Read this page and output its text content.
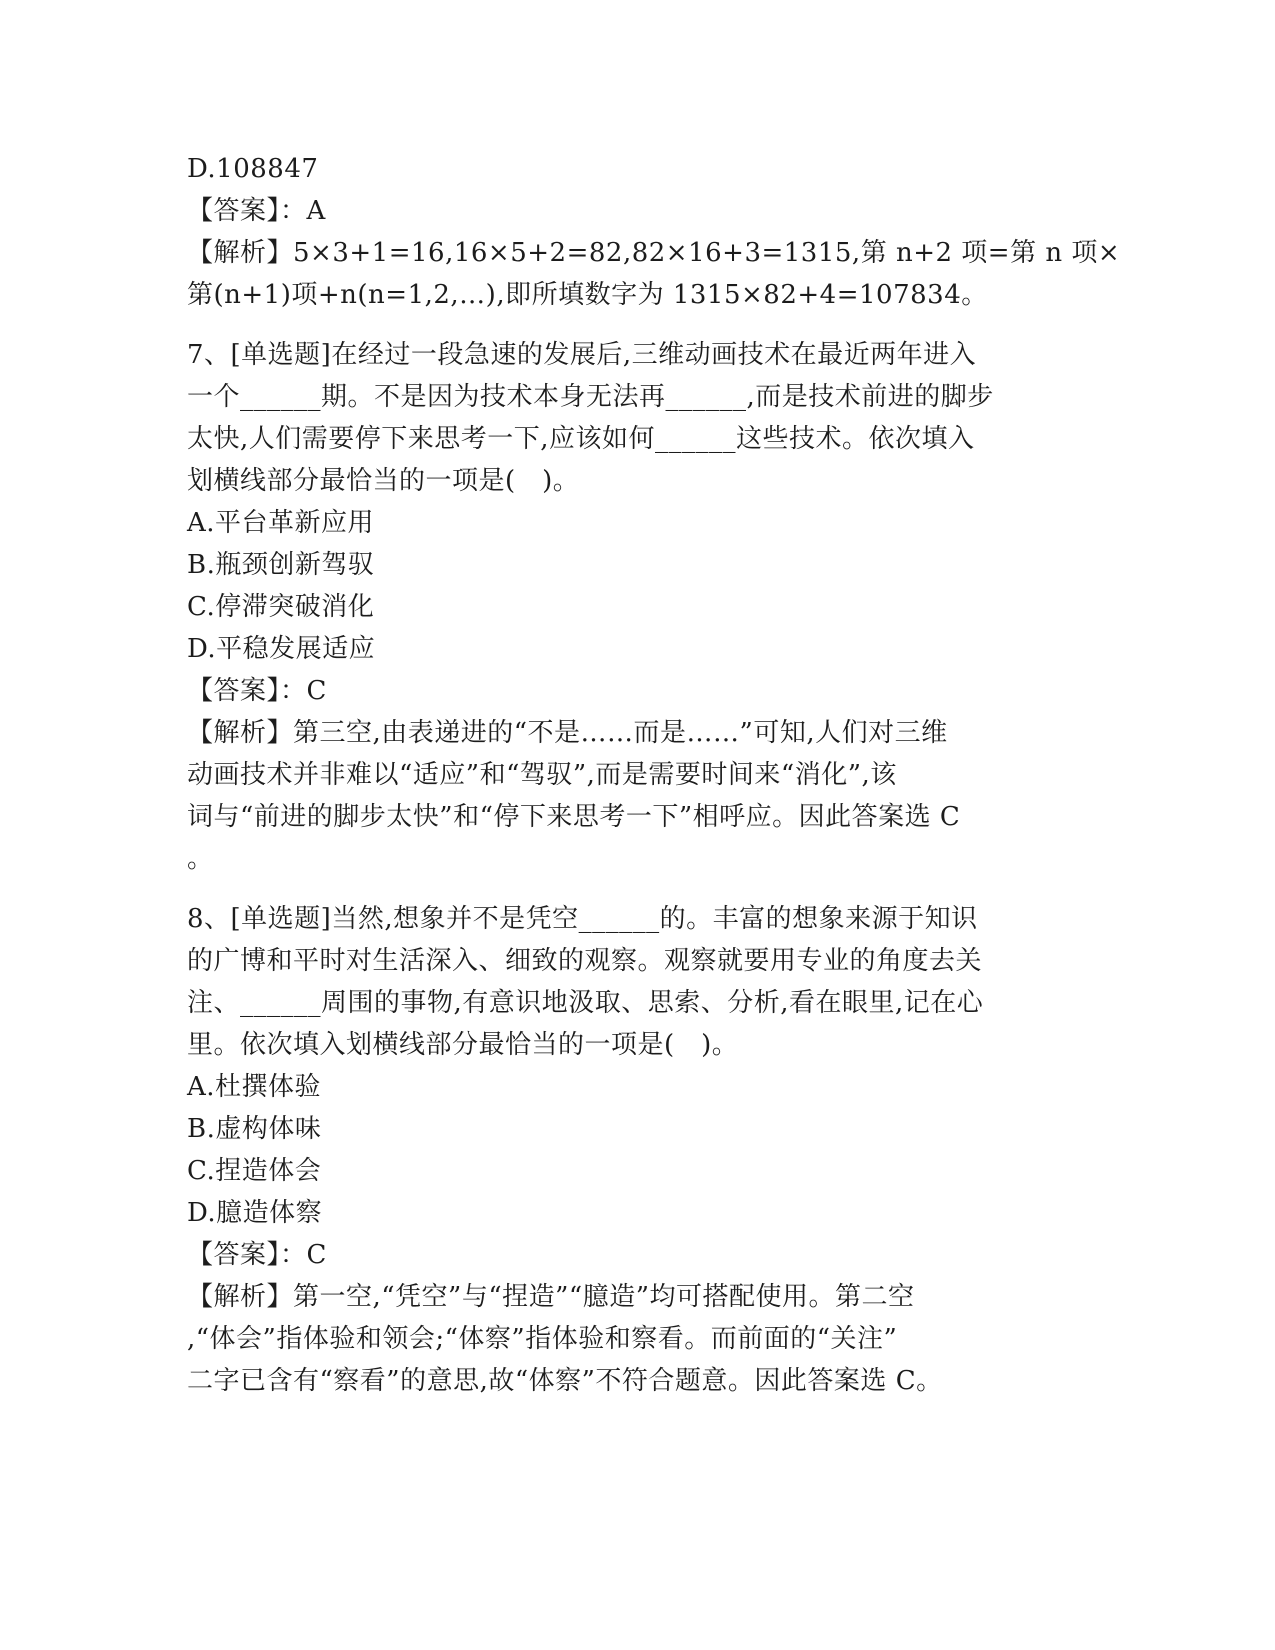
D.108847
【答案】：A
【解析】5×3+1=16,16×5+2=82,82×16+3=1315,第 n+2 项=第 n 项×
第(n+1)项+n(n=1,2,…),即所填数字为 1315×82+4=107834。
7、[单选题]在经过一段急速的发展后,三维动画技术在最近两年进入
一个______期。不是因为技术本身无法再______,而是技术前进的脚步
太快,人们需要停下来思考一下,应该如何______这些技术。依次填入
划横线部分最恰当的一项是(　)。
A.平台革新应用
B.瓶颈创新驾驭
C.停滞突破消化
D.平稳发展适应
【答案】：C
【解析】第三空,由表递进的“不是……而是……”可知,人们对三维
动画技术并非难以“适应”和“驾驭”,而是需要时间来“消化”,该
词与“前进的脚步太快”和“停下来思考一下”相呼应。因此答案选 C
。
8、[单选题]当然,想象并不是凭空______的。丰富的想象来源于知识
的广博和平时对生活深入、细致的观察。观察就要用专业的角度去关
注、______周围的事物,有意识地汲取、思索、分析,看在眼里,记在心
里。依次填入划横线部分最恰当的一项是(　)。
A.杜撰体验
B.虚构体味
C.捏造体会
D.臆造体察
【答案】：C
【解析】第一空,“凭空”与“捏造”“臆造”均可搭配使用。第二空
,“体会”指体验和领会;“体察”指体验和察看。而前面的“关注”
二字已含有“察看”的意思,故“体察”不符合题意。因此答案选 C。
